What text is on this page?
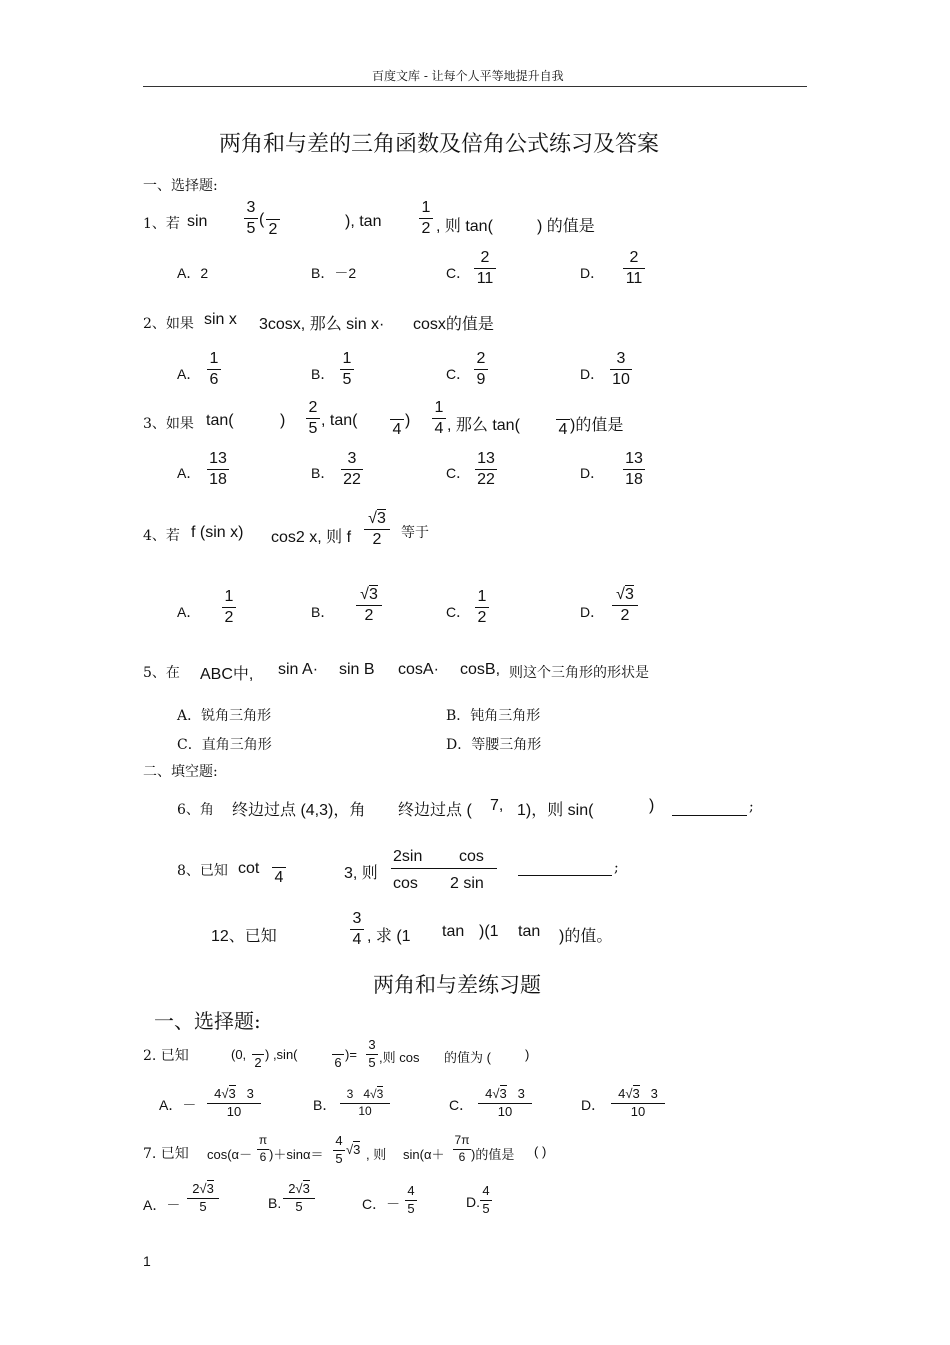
百度文库 - 让每个人平等地提升自我
两角和与差的三角函数及倍角公式练习及答案
一、选择题:
1、若 sin
3
5
(
2	), tan
1
2 , 则 tan(	) 的值是
A．2	B．－2	C．
2
11	D．
2
11
2、如果 sin x 3cosx, 那么 sin x· cosx的值是
A．
1
6	B．
1
5	C．
2
9	D．
3
10
3、如果 tan(	)
2
5 , tan(
4
)
1
4 , 那么 tan( 4 )的值是
A．
13
18	B．
3
22	C．
13
22	D．
13
18
4、若 f (sin x) cos2 x, 则 f
√3
2	等于
A．
1
2	B．
√3
2	C．
1
2	D．
√3
2
5、在 ABC中, sin A· sin B cosA· cosB, 则这个三角形的形状是
A．锐角三角形	B．钝角三角形
C．直角三角形	D．等腰三角形
二、填空题:
6、角 终边过点 (4,3)，角 终边过点 ( 7, 1)，则 sin(	)	;
8、已知 cot
4	3, 则
2sin cos
cos 2 sin
;
12、已知
3
4 , 求 (1 tan )(1 tan )的值。
两角和与差练习题
一、选择题:
2. 已知	(0,
2
) ,sin(
6
)=
3
5 ,则 cos 的值为 (	)
A．－
4√3 3
10	B．
3 4√3
10	C．
4√3 3
10	D．
4√3 3
10
7. 已知 cos(α－
π
6 )＋sinα＝
4
5
√3 , 则 sin(α＋
7π
6 )的值是 ( )
A．－
2√3
5	B.
2√3
5	C．－
4
5	D.
4
5
1
